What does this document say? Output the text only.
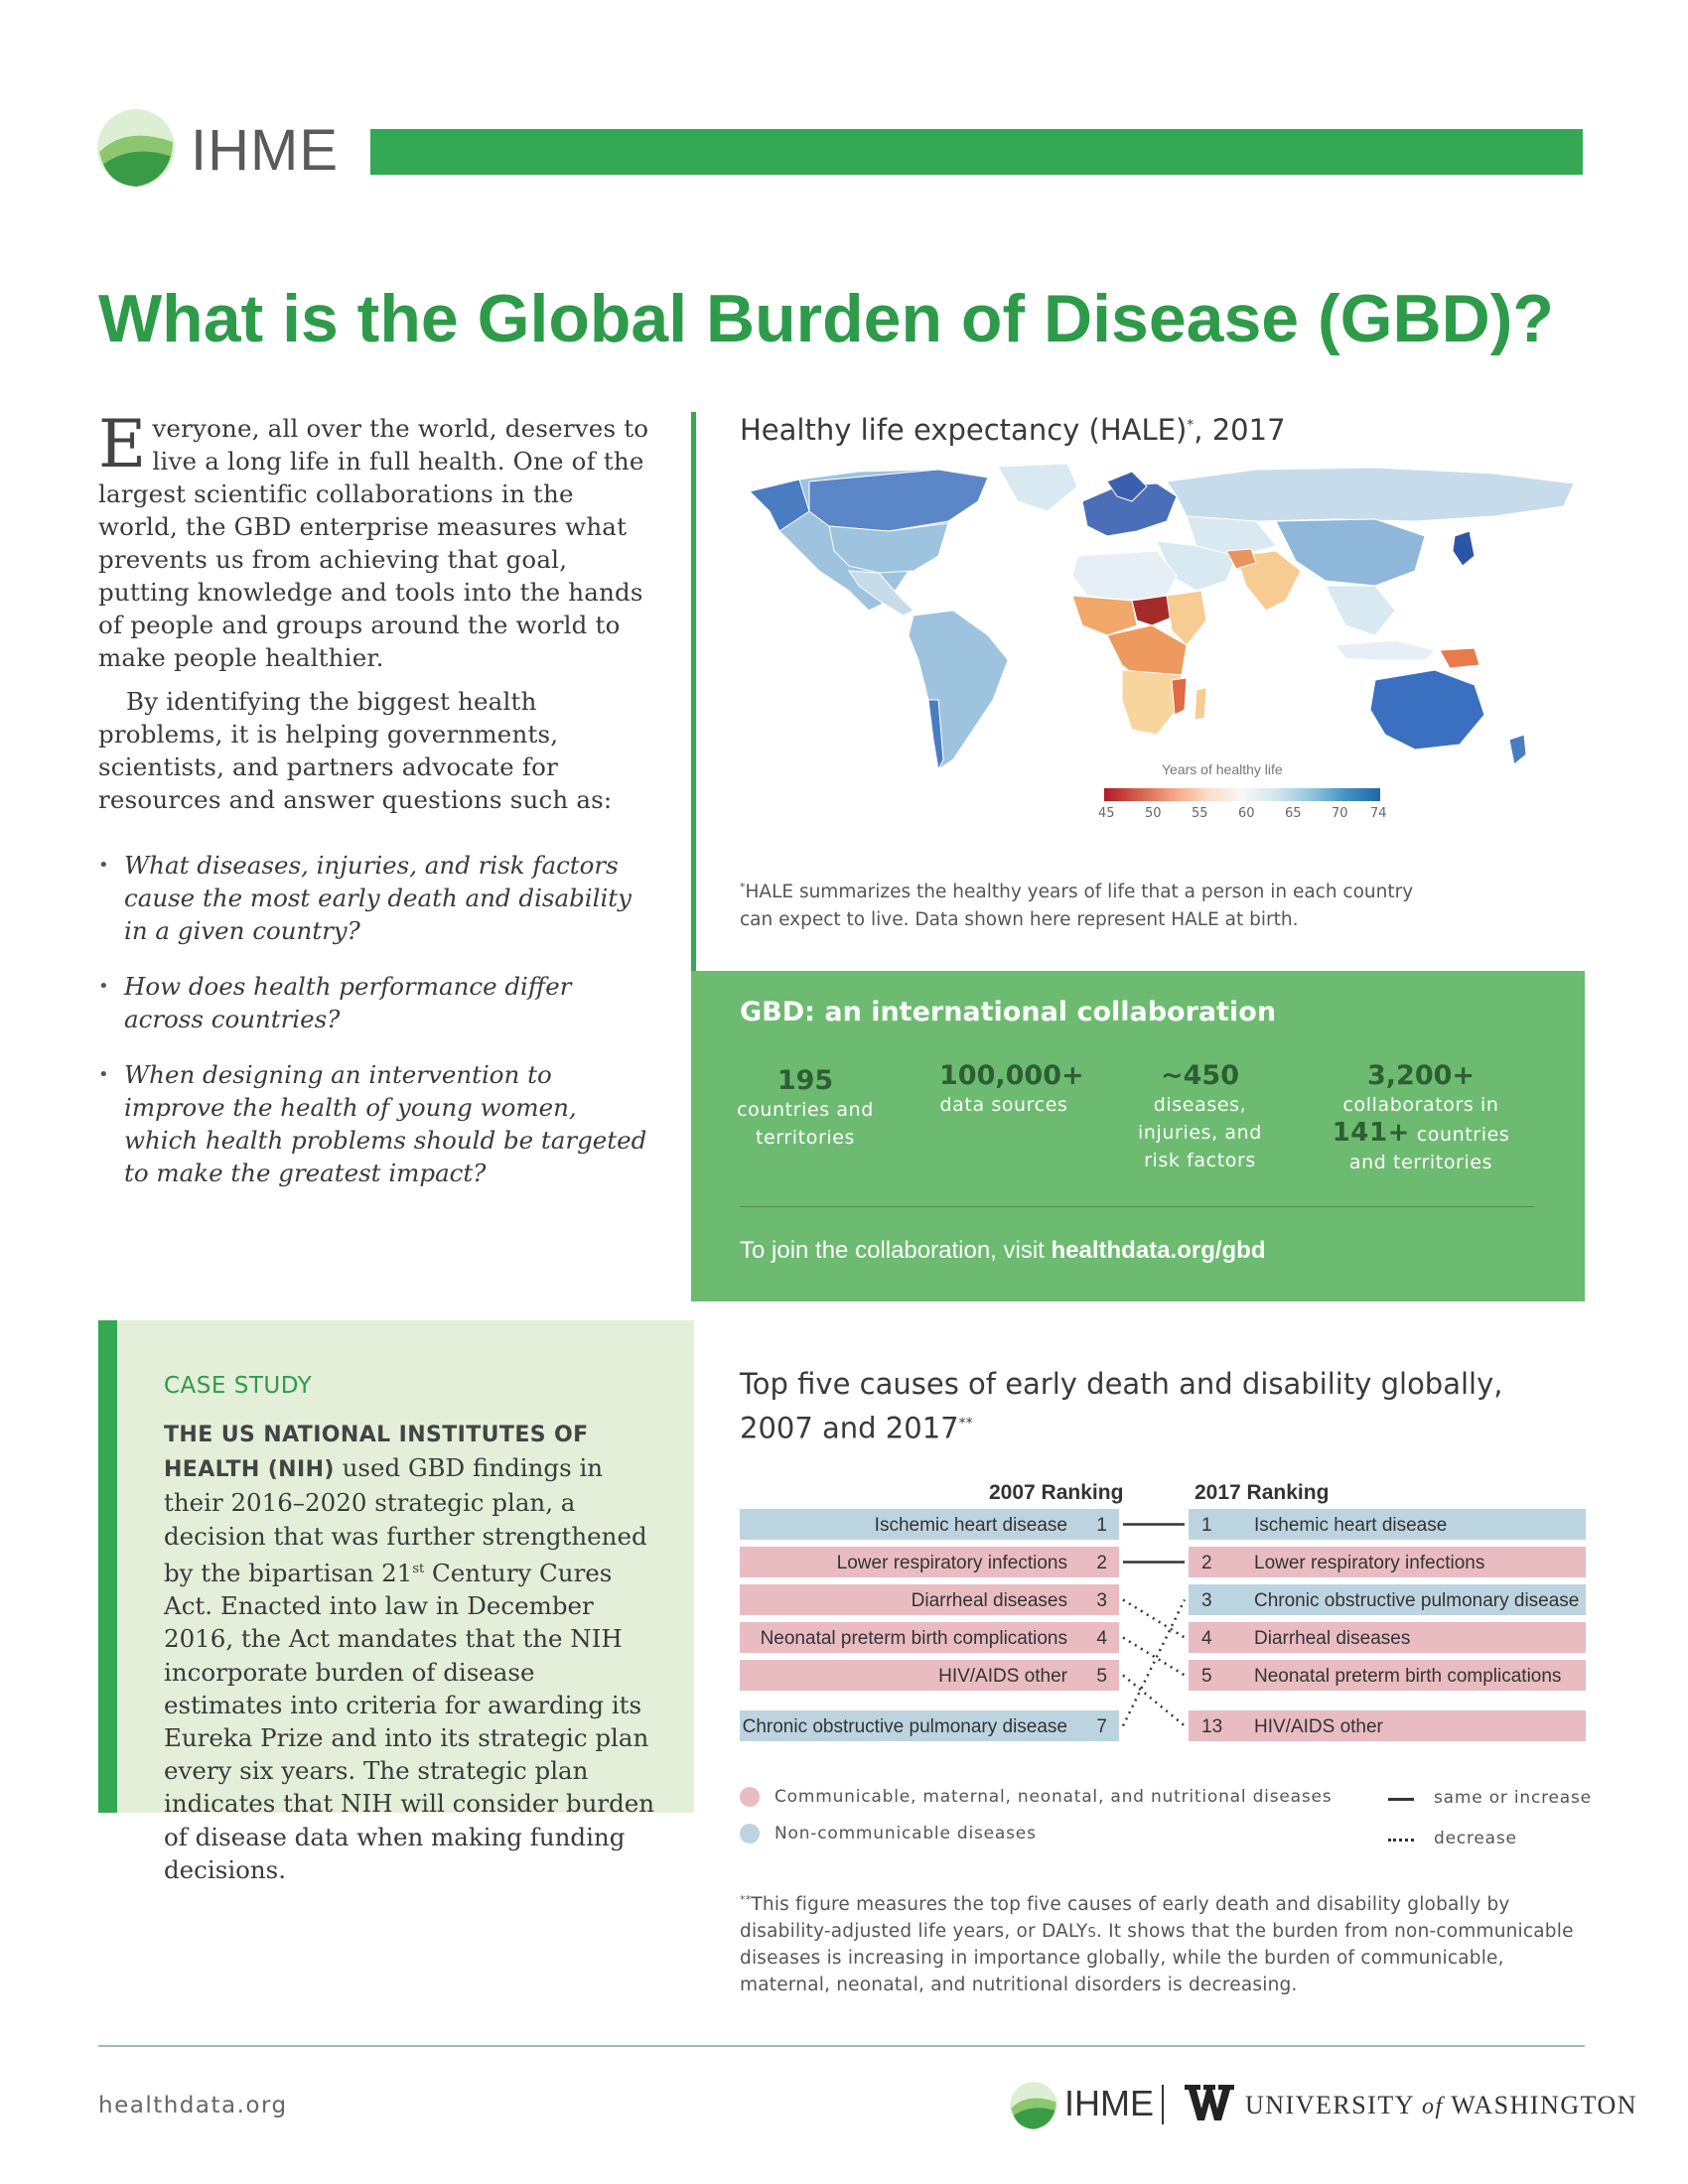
IHME
What is the Global Burden of Disease (GBD)?

Everyone, all over the world, deserves to live a long life in full health. One of the largest scientific collaborations in the world, the GBD enterprise measures what prevents us from achieving that goal, putting knowledge and tools into the hands of people and groups around the world to make people healthier.

By identifying the biggest health problems, it is helping governments, scientists, and partners advocate for resources and answer questions such as:

• What diseases, injuries, and risk factors cause the most early death and disability in a given country?
• How does health performance differ across countries?
• When designing an intervention to improve the health of young women, which health problems should be targeted to make the greatest impact?
Healthy life expectancy (HALE)*, 2017
Years of healthy life
45 50 55 60 65 70 74
*HALE summarizes the healthy years of life that a person in each country can expect to live. Data shown here represent HALE at birth.
GBD: an international collaboration
195
countries and territories
100,000+
data sources
~450
diseases, injuries, and risk factors
3,200+
collaborators in
141+ countries and territories
To join the collaboration, visit healthdata.org/gbd
CASE STUDY
THE US NATIONAL INSTITUTES OF HEALTH (NIH) used GBD findings in their 2016–2020 strategic plan, a decision that was further strengthened by the bipartisan 21st Century Cures Act. Enacted into law in December 2016, the Act mandates that the NIH incorporate burden of disease estimates into criteria for awarding its Eureka Prize and into its strategic plan every six years. The strategic plan indicates that NIH will consider burden of disease data when making funding decisions.
Top five causes of early death and disability globally, 2007 and 2017**
2007 Ranking	2017 Ranking
Ischemic heart disease 1
Lower respiratory infections 2
Diarrheal diseases 3
Neonatal preterm birth complications 4
HIV/AIDS other 5
Chronic obstructive pulmonary disease 7
1 Ischemic heart disease
2 Lower respiratory infections
3 Chronic obstructive pulmonary disease
4 Diarrheal diseases
5 Neonatal preterm birth complications
13 HIV/AIDS other
Communicable, maternal, neonatal, and nutritional diseases
Non-communicable diseases
same or increase
decrease
**This figure measures the top five causes of early death and disability globally by disability-adjusted life years, or DALYs. It shows that the burden from non-communicable diseases is increasing in importance globally, while the burden of communicable, maternal, neonatal, and nutritional disorders is decreasing.
healthdata.org	IHME	UNIVERSITY of WASHINGTON
